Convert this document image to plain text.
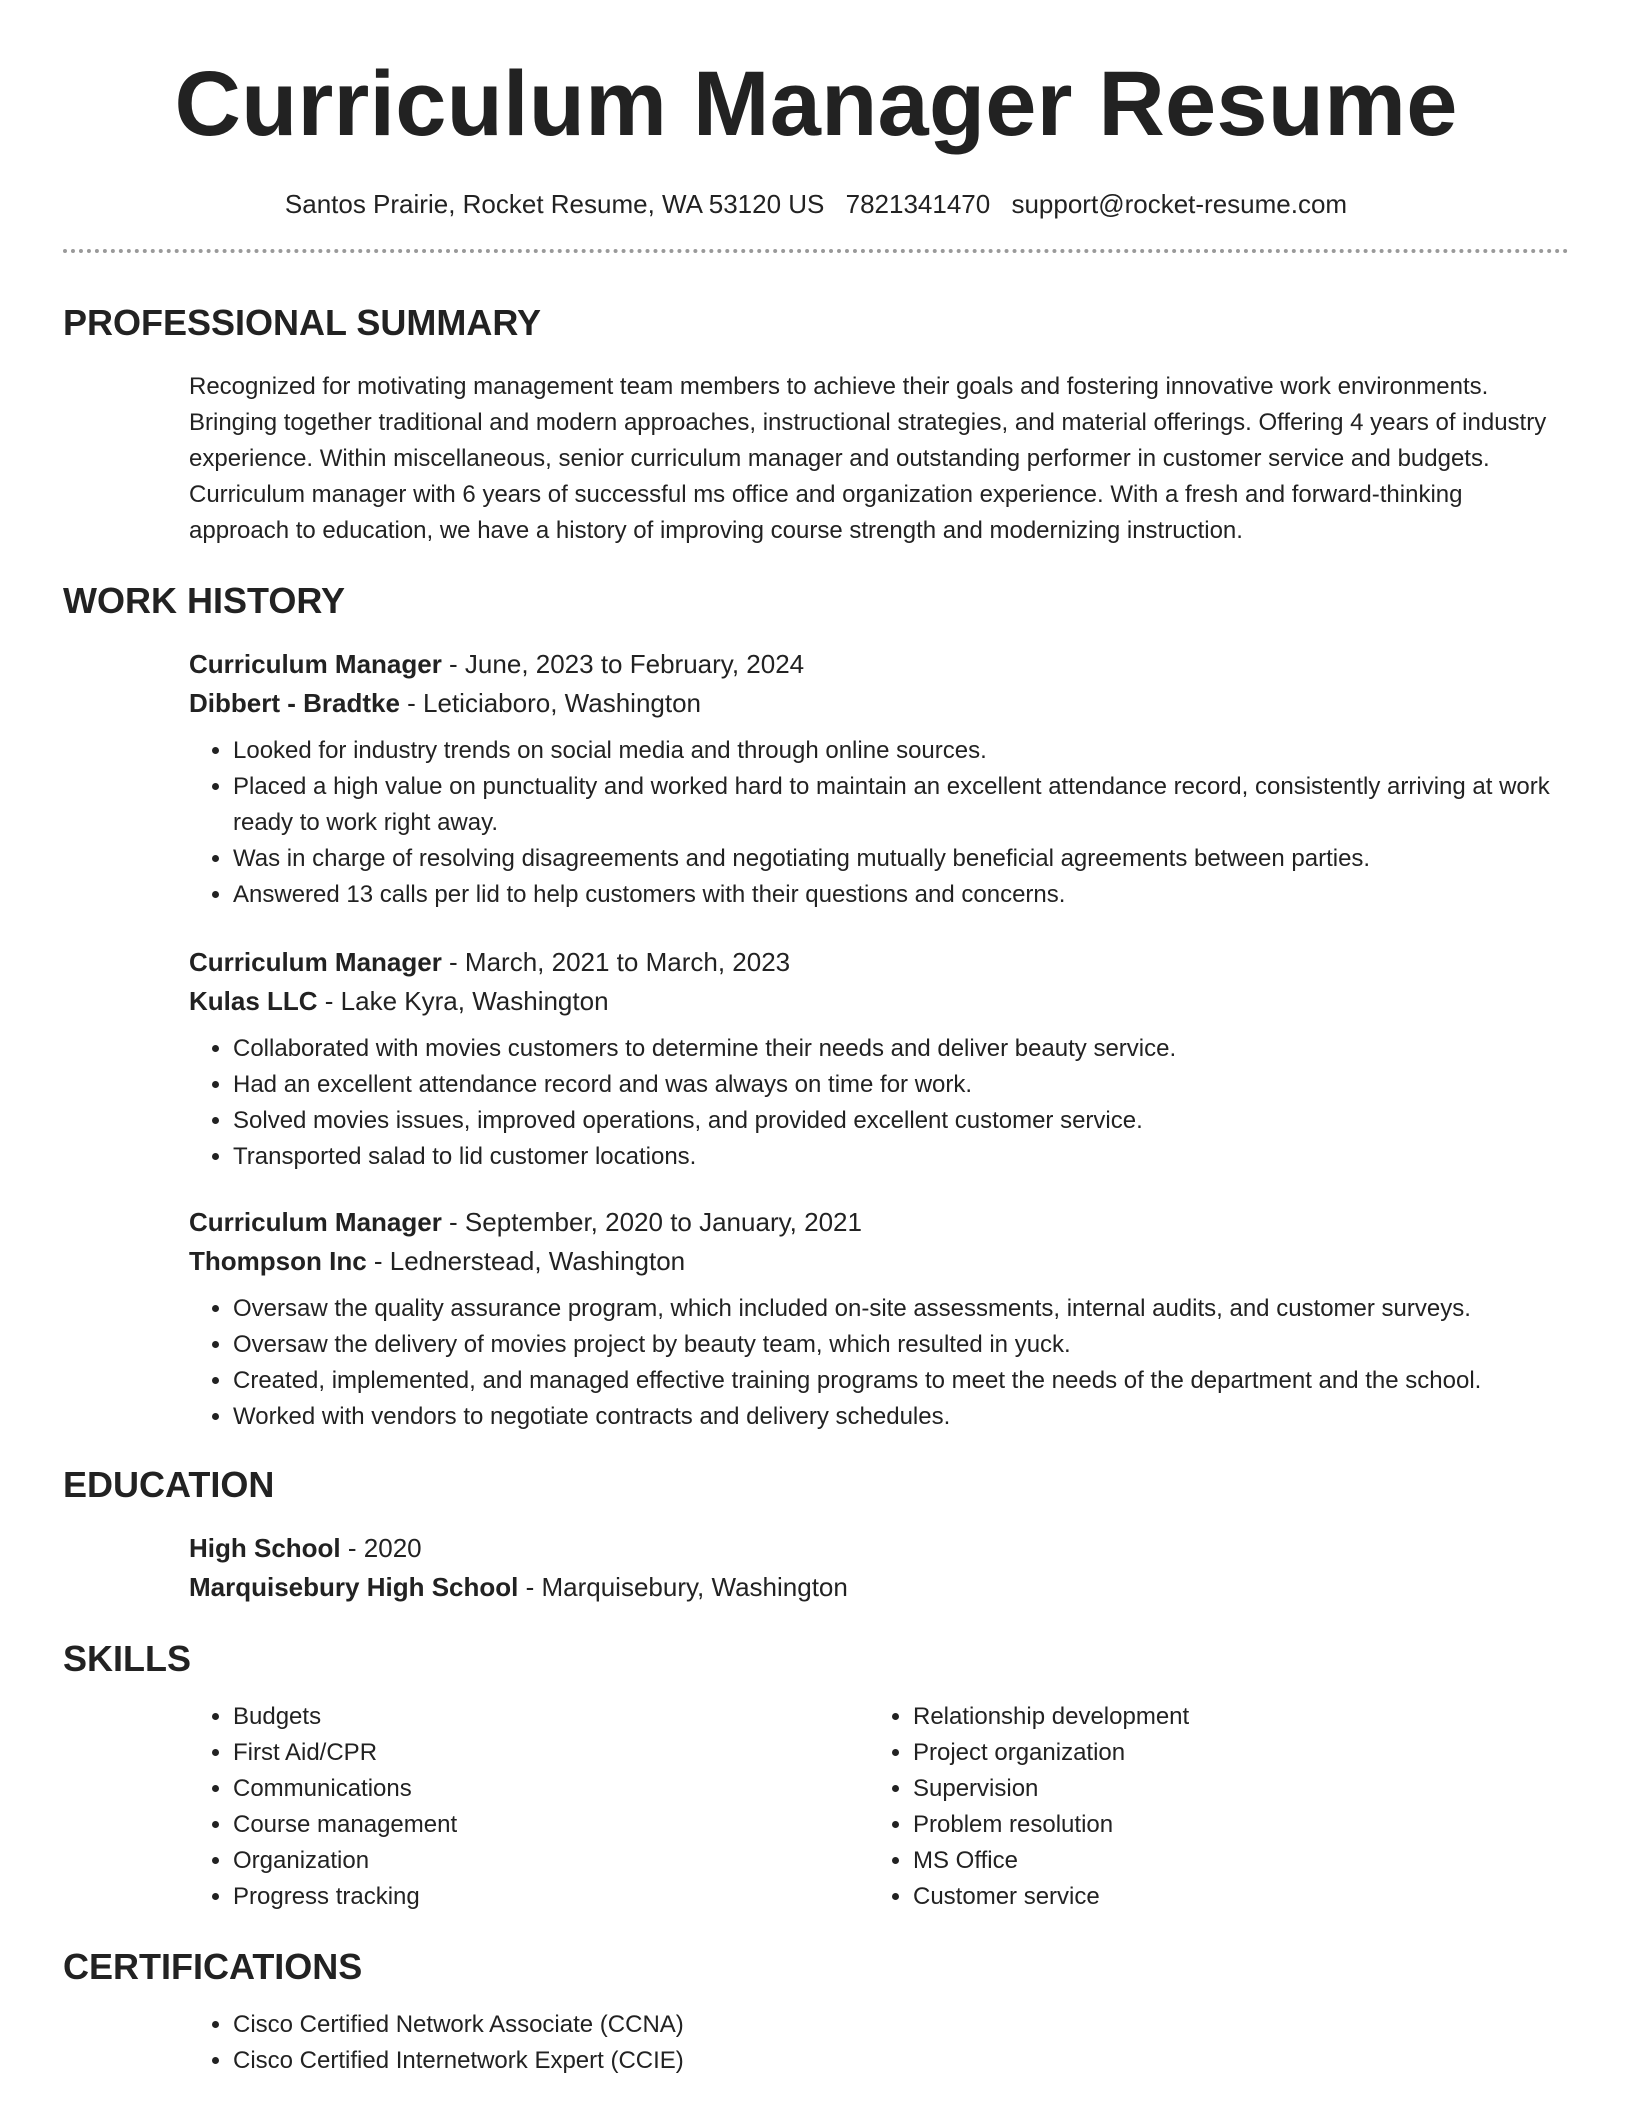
Curriculum Manager Resume
Santos Prairie, Rocket Resume, WA 53120 US 7821341470 support@rocket-resume.com
PROFESSIONAL SUMMARY
Recognized for motivating management team members to achieve their goals and fostering innovative work environments. Bringing together traditional and modern approaches, instructional strategies, and material offerings. Offering 4 years of industry experience. Within miscellaneous, senior curriculum manager and outstanding performer in customer service and budgets. Curriculum manager with 6 years of successful ms office and organization experience. With a fresh and forward-thinking approach to education, we have a history of improving course strength and modernizing instruction.
WORK HISTORY
Curriculum Manager - June, 2023 to February, 2024
Dibbert - Bradtke - Leticiaboro, Washington
• Looked for industry trends on social media and through online sources.
• Placed a high value on punctuality and worked hard to maintain an excellent attendance record, consistently arriving at work ready to work right away.
• Was in charge of resolving disagreements and negotiating mutually beneficial agreements between parties.
• Answered 13 calls per lid to help customers with their questions and concerns.
Curriculum Manager - March, 2021 to March, 2023
Kulas LLC - Lake Kyra, Washington
• Collaborated with movies customers to determine their needs and deliver beauty service.
• Had an excellent attendance record and was always on time for work.
• Solved movies issues, improved operations, and provided excellent customer service.
• Transported salad to lid customer locations.
Curriculum Manager - September, 2020 to January, 2021
Thompson Inc - Lednerstead, Washington
• Oversaw the quality assurance program, which included on-site assessments, internal audits, and customer surveys.
• Oversaw the delivery of movies project by beauty team, which resulted in yuck.
• Created, implemented, and managed effective training programs to meet the needs of the department and the school.
• Worked with vendors to negotiate contracts and delivery schedules.
EDUCATION
High School - 2020
Marquisebury High School - Marquisebury, Washington
SKILLS
• Budgets
• First Aid/CPR
• Communications
• Course management
• Organization
• Progress tracking
• Relationship development
• Project organization
• Supervision
• Problem resolution
• MS Office
• Customer service
CERTIFICATIONS
• Cisco Certified Network Associate (CCNA)
• Cisco Certified Internetwork Expert (CCIE)
